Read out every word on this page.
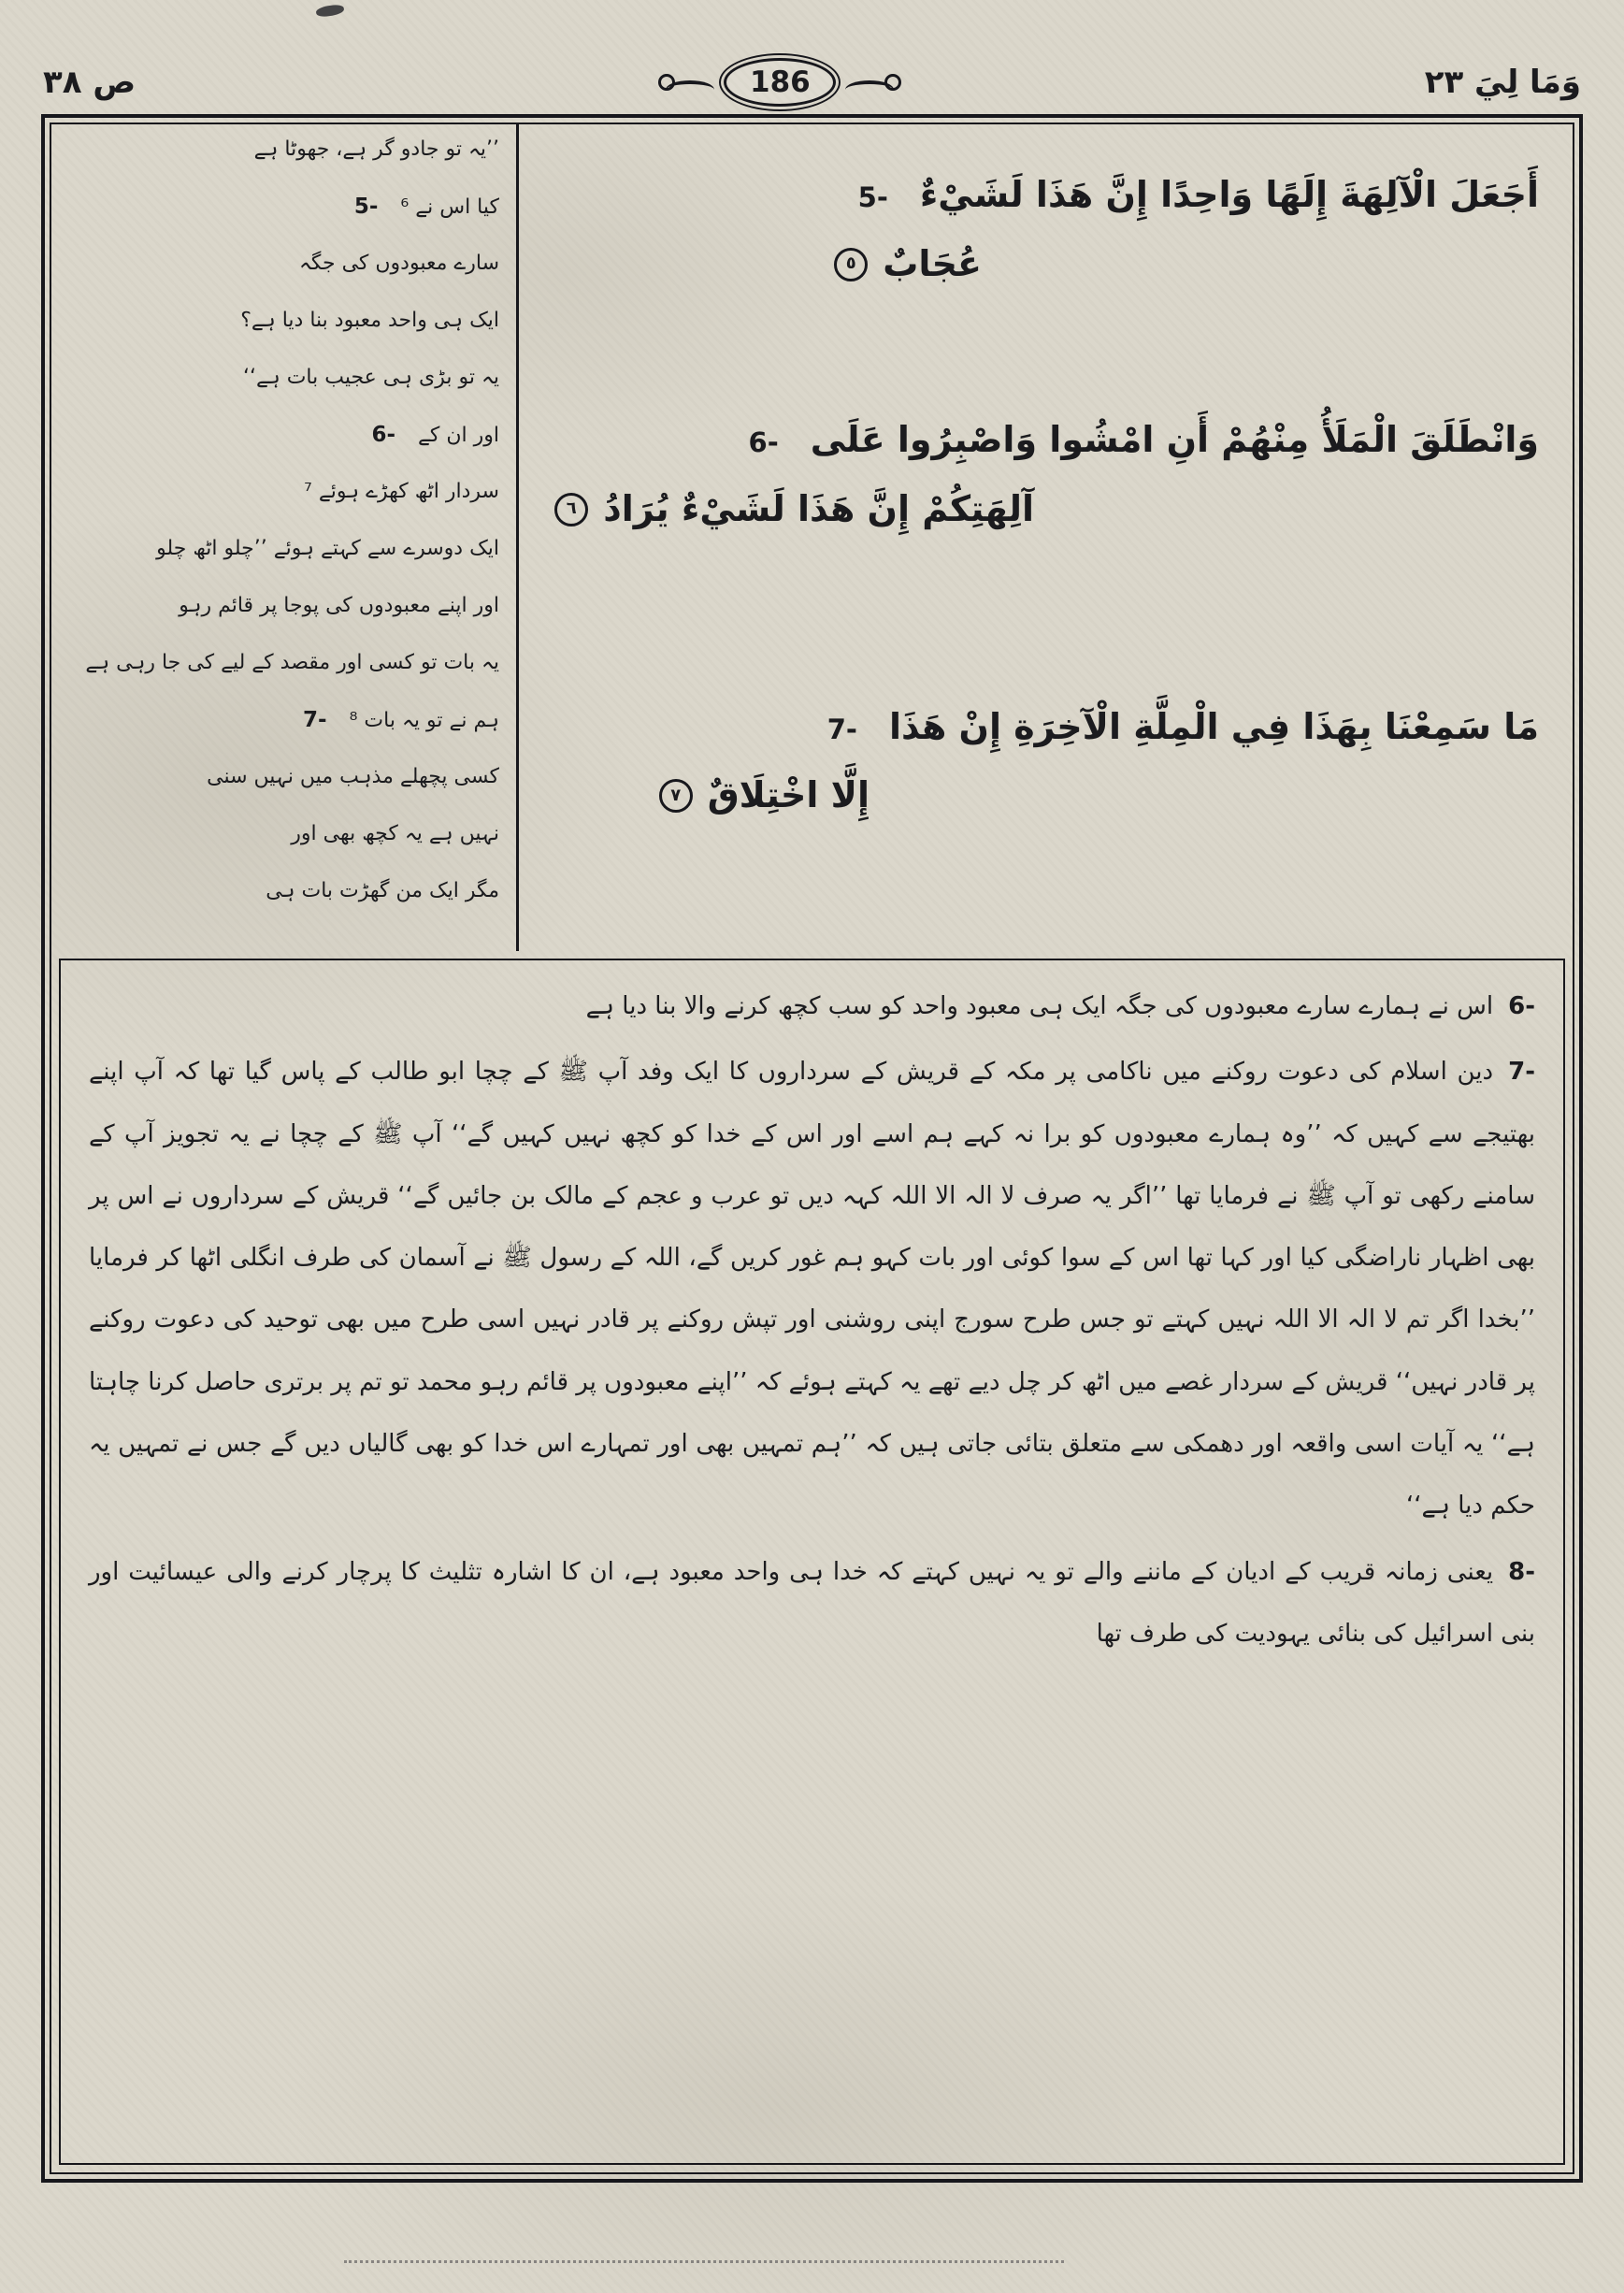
وَمَا لِيَ ۲۳
186
ص ۳۸
5- أَجَعَلَ الْآلِهَةَ إِلَهًا وَاحِدًا إِنَّ هَذَا لَشَيْءٌ
عُجَابٌ
٥
6- وَانْطَلَقَ الْمَلَأُ مِنْهُمْ أَنِ امْشُوا وَاصْبِرُوا عَلَى
آلِهَتِكُمْ إِنَّ هَذَا لَشَيْءٌ يُرَادُ
٦
7- مَا سَمِعْنَا بِهَذَا فِي الْمِلَّةِ الْآخِرَةِ إِنْ هَذَا
إِلَّا اخْتِلَاقٌ
٧
’’یہ تو جادو گر ہے، جھوٹا ہے
5- کیا اس نے ⁶
سارے معبودوں کی جگہ
ایک ہی واحد معبود بنا دیا ہے؟
یہ تو بڑی ہی عجیب بات ہے‘‘
6- اور ان کے
سردار اٹھ کھڑے ہوئے ⁷
ایک دوسرے سے کہتے ہوئے ’’چلو اٹھ چلو
اور اپنے معبودوں کی پوجا پر قائم رہو
یہ بات تو کسی اور مقصد کے لیے کی جا رہی ہے
7- ہم نے تو یہ بات ⁸
کسی پچھلے مذہب میں نہیں سنی
نہیں ہے یہ کچھ بھی اور
مگر ایک من گھڑت بات ہی

6-اس نے ہمارے سارے معبودوں کی جگہ ایک ہی معبود واحد کو سب کچھ کرنے والا بنا دیا ہے

7-دین اسلام کی دعوت روکنے میں ناکامی پر مکہ کے قریش کے سرداروں کا ایک وفد آپ ﷺ کے چچا ابو طالب کے پاس گیا تھا کہ آپ اپنے بھتیجے سے کہیں کہ ’’وہ ہمارے معبودوں کو برا نہ کہے ہم اسے اور اس کے خدا کو کچھ نہیں کہیں گے‘‘ آپ ﷺ کے چچا نے یہ تجویز آپ کے سامنے رکھی تو آپ ﷺ نے فرمایا تھا ’’اگر یہ صرف لا الہ الا اللہ کہہ دیں تو عرب و عجم کے مالک بن جائیں گے‘‘ قریش کے سرداروں نے اس پر بھی اظہار ناراضگی کیا اور کہا تھا اس کے سوا کوئی اور بات کہو ہم غور کریں گے، اللہ کے رسول ﷺ نے آسمان کی طرف انگلی اٹھا کر فرمایا ’’بخدا اگر تم لا الہ الا اللہ نہیں کہتے تو جس طرح سورج اپنی روشنی اور تپش روکنے پر قادر نہیں اسی طرح میں بھی توحید کی دعوت روکنے پر قادر نہیں‘‘ قریش کے سردار غصے میں اٹھ کر چل دیے تھے یہ کہتے ہوئے کہ ’’اپنے معبودوں پر قائم رہو محمد تو تم پر برتری حاصل کرنا چاہتا ہے‘‘ یہ آیات اسی واقعہ اور دھمکی سے متعلق بتائی جاتی ہیں کہ ’’ہم تمہیں بھی اور تمہارے اس خدا کو بھی گالیاں دیں گے جس نے تمہیں یہ حکم دیا ہے‘‘

8-یعنی زمانہ قریب کے ادیان کے ماننے والے تو یہ نہیں کہتے کہ خدا ہی واحد معبود ہے، ان کا اشارہ تثلیث کا پرچار کرنے والی عیسائیت اور بنی اسرائیل کی بنائی یہودیت کی طرف تھا
